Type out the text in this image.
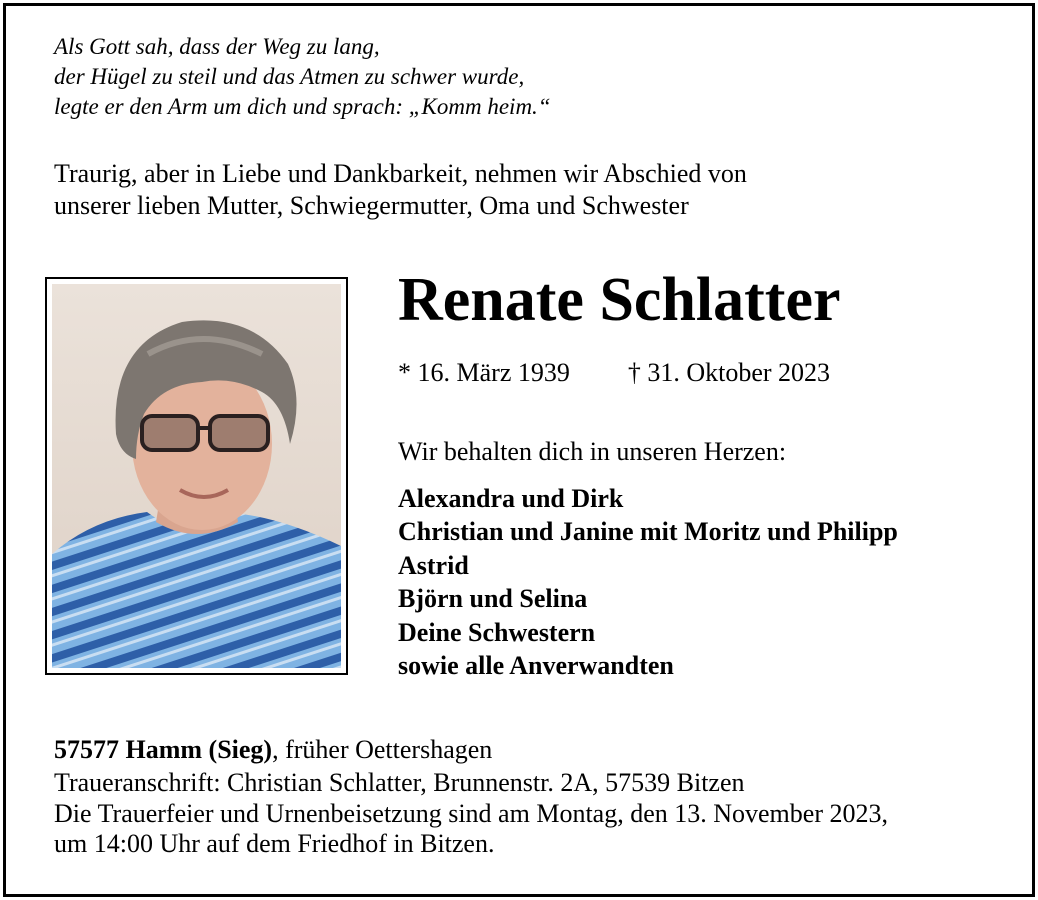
Als Gott sah, dass der Weg zu lang,
der Hügel zu steil und das Atmen zu schwer wurde,
legte er den Arm um dich und sprach: „Komm heim.“
Traurig, aber in Liebe und Dankbarkeit, nehmen wir Abschied von
unserer lieben Mutter, Schwiegermutter, Oma und Schwester
Renate Schlatter
* 16. März 1939 † 31. Oktober 2023
Wir behalten dich in unseren Herzen:
Alexandra und Dirk
Christian und Janine mit Moritz und Philipp
Astrid
Björn und Selina
Deine Schwestern
sowie alle Anverwandten
57577 Hamm (Sieg), früher Oettershagen
Traueranschrift: Christian Schlatter, Brunnenstr. 2A, 57539 Bitzen
Die Trauerfeier und Urnenbeisetzung sind am Montag, den 13. November 2023,
um 14:00 Uhr auf dem Friedhof in Bitzen.
